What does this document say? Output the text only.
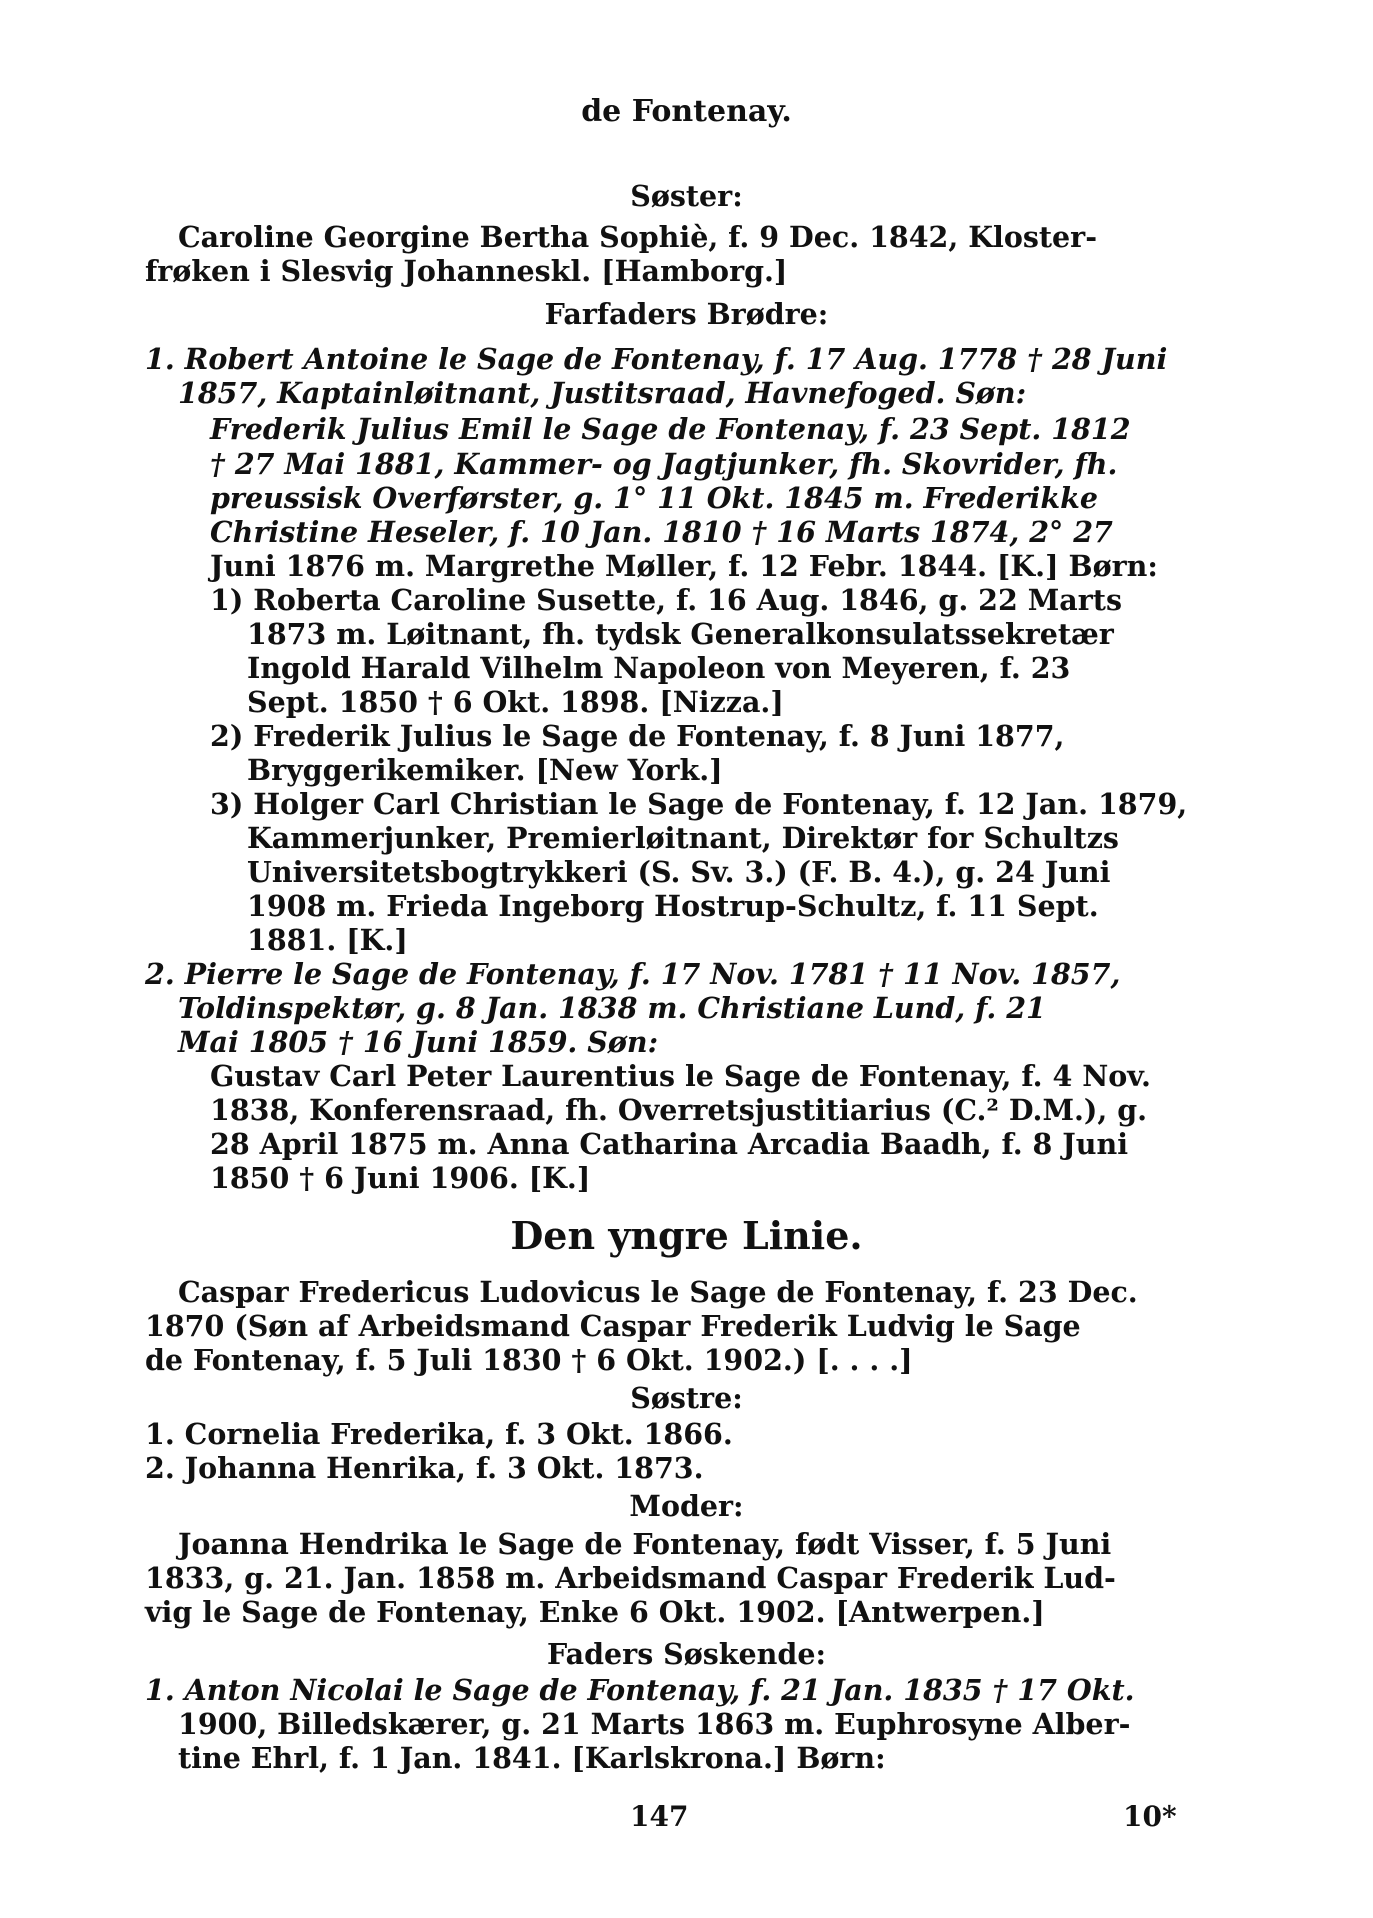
de Fontenay.
Søster:
Caroline Georgine Bertha Sophiè, f. 9 Dec. 1842, Kloster-
frøken i Slesvig Johanneskl. [Hamborg.]
Farfaders Brødre:
1. Robert Antoine le Sage de Fontenay, f. 17 Aug. 1778 † 28 Juni
1857, Kaptainløitnant, Justitsraad, Havnefoged. Søn:
Frederik Julius Emil le Sage de Fontenay, f. 23 Sept. 1812
† 27 Mai 1881, Kammer- og Jagtjunker, fh. Skovrider, fh.
preussisk Overførster, g. 1° 11 Okt. 1845 m. Frederikke
Christine Heseler, f. 10 Jan. 1810 † 16 Marts 1874, 2° 27
Juni 1876 m. Margrethe Møller, f. 12 Febr. 1844. [K.] Børn:
1) Roberta Caroline Susette, f. 16 Aug. 1846, g. 22 Marts
1873 m. Løitnant, fh. tydsk Generalkonsulatssekretær
Ingold Harald Vilhelm Napoleon von Meyeren, f. 23
Sept. 1850 † 6 Okt. 1898. [Nizza.]
2) Frederik Julius le Sage de Fontenay, f. 8 Juni 1877,
Bryggerikemiker. [New York.]
3) Holger Carl Christian le Sage de Fontenay, f. 12 Jan. 1879,
Kammerjunker, Premierløitnant, Direktør for Schultzs
Universitetsbogtrykkeri (S. Sv. 3.) (F. B. 4.), g. 24 Juni
1908 m. Frieda Ingeborg Hostrup-Schultz, f. 11 Sept.
1881. [K.]
2. Pierre le Sage de Fontenay, f. 17 Nov. 1781 † 11 Nov. 1857,
Toldinspektør, g. 8 Jan. 1838 m. Christiane Lund, f. 21
Mai 1805 † 16 Juni 1859. Søn:
Gustav Carl Peter Laurentius le Sage de Fontenay, f. 4 Nov.
1838, Konferensraad, fh. Overretsjustitiarius (C.² D.M.), g.
28 April 1875 m. Anna Catharina Arcadia Baadh, f. 8 Juni
1850 † 6 Juni 1906. [K.]
Den yngre Linie.
Caspar Fredericus Ludovicus le Sage de Fontenay, f. 23 Dec.
1870 (Søn af Arbeidsmand Caspar Frederik Ludvig le Sage
de Fontenay, f. 5 Juli 1830 † 6 Okt. 1902.) [. . . .]
Søstre:
1. Cornelia Frederika, f. 3 Okt. 1866.
2. Johanna Henrika, f. 3 Okt. 1873.
Moder:
Joanna Hendrika le Sage de Fontenay, født Visser, f. 5 Juni
1833, g. 21. Jan. 1858 m. Arbeidsmand Caspar Frederik Lud-
vig le Sage de Fontenay, Enke 6 Okt. 1902. [Antwerpen.]
Faders Søskende:
1. Anton Nicolai le Sage de Fontenay, f. 21 Jan. 1835 † 17 Okt.
1900, Billedskærer, g. 21 Marts 1863 m. Euphrosyne Alber-
tine Ehrl, f. 1 Jan. 1841. [Karlskrona.] Børn:
147	10*
